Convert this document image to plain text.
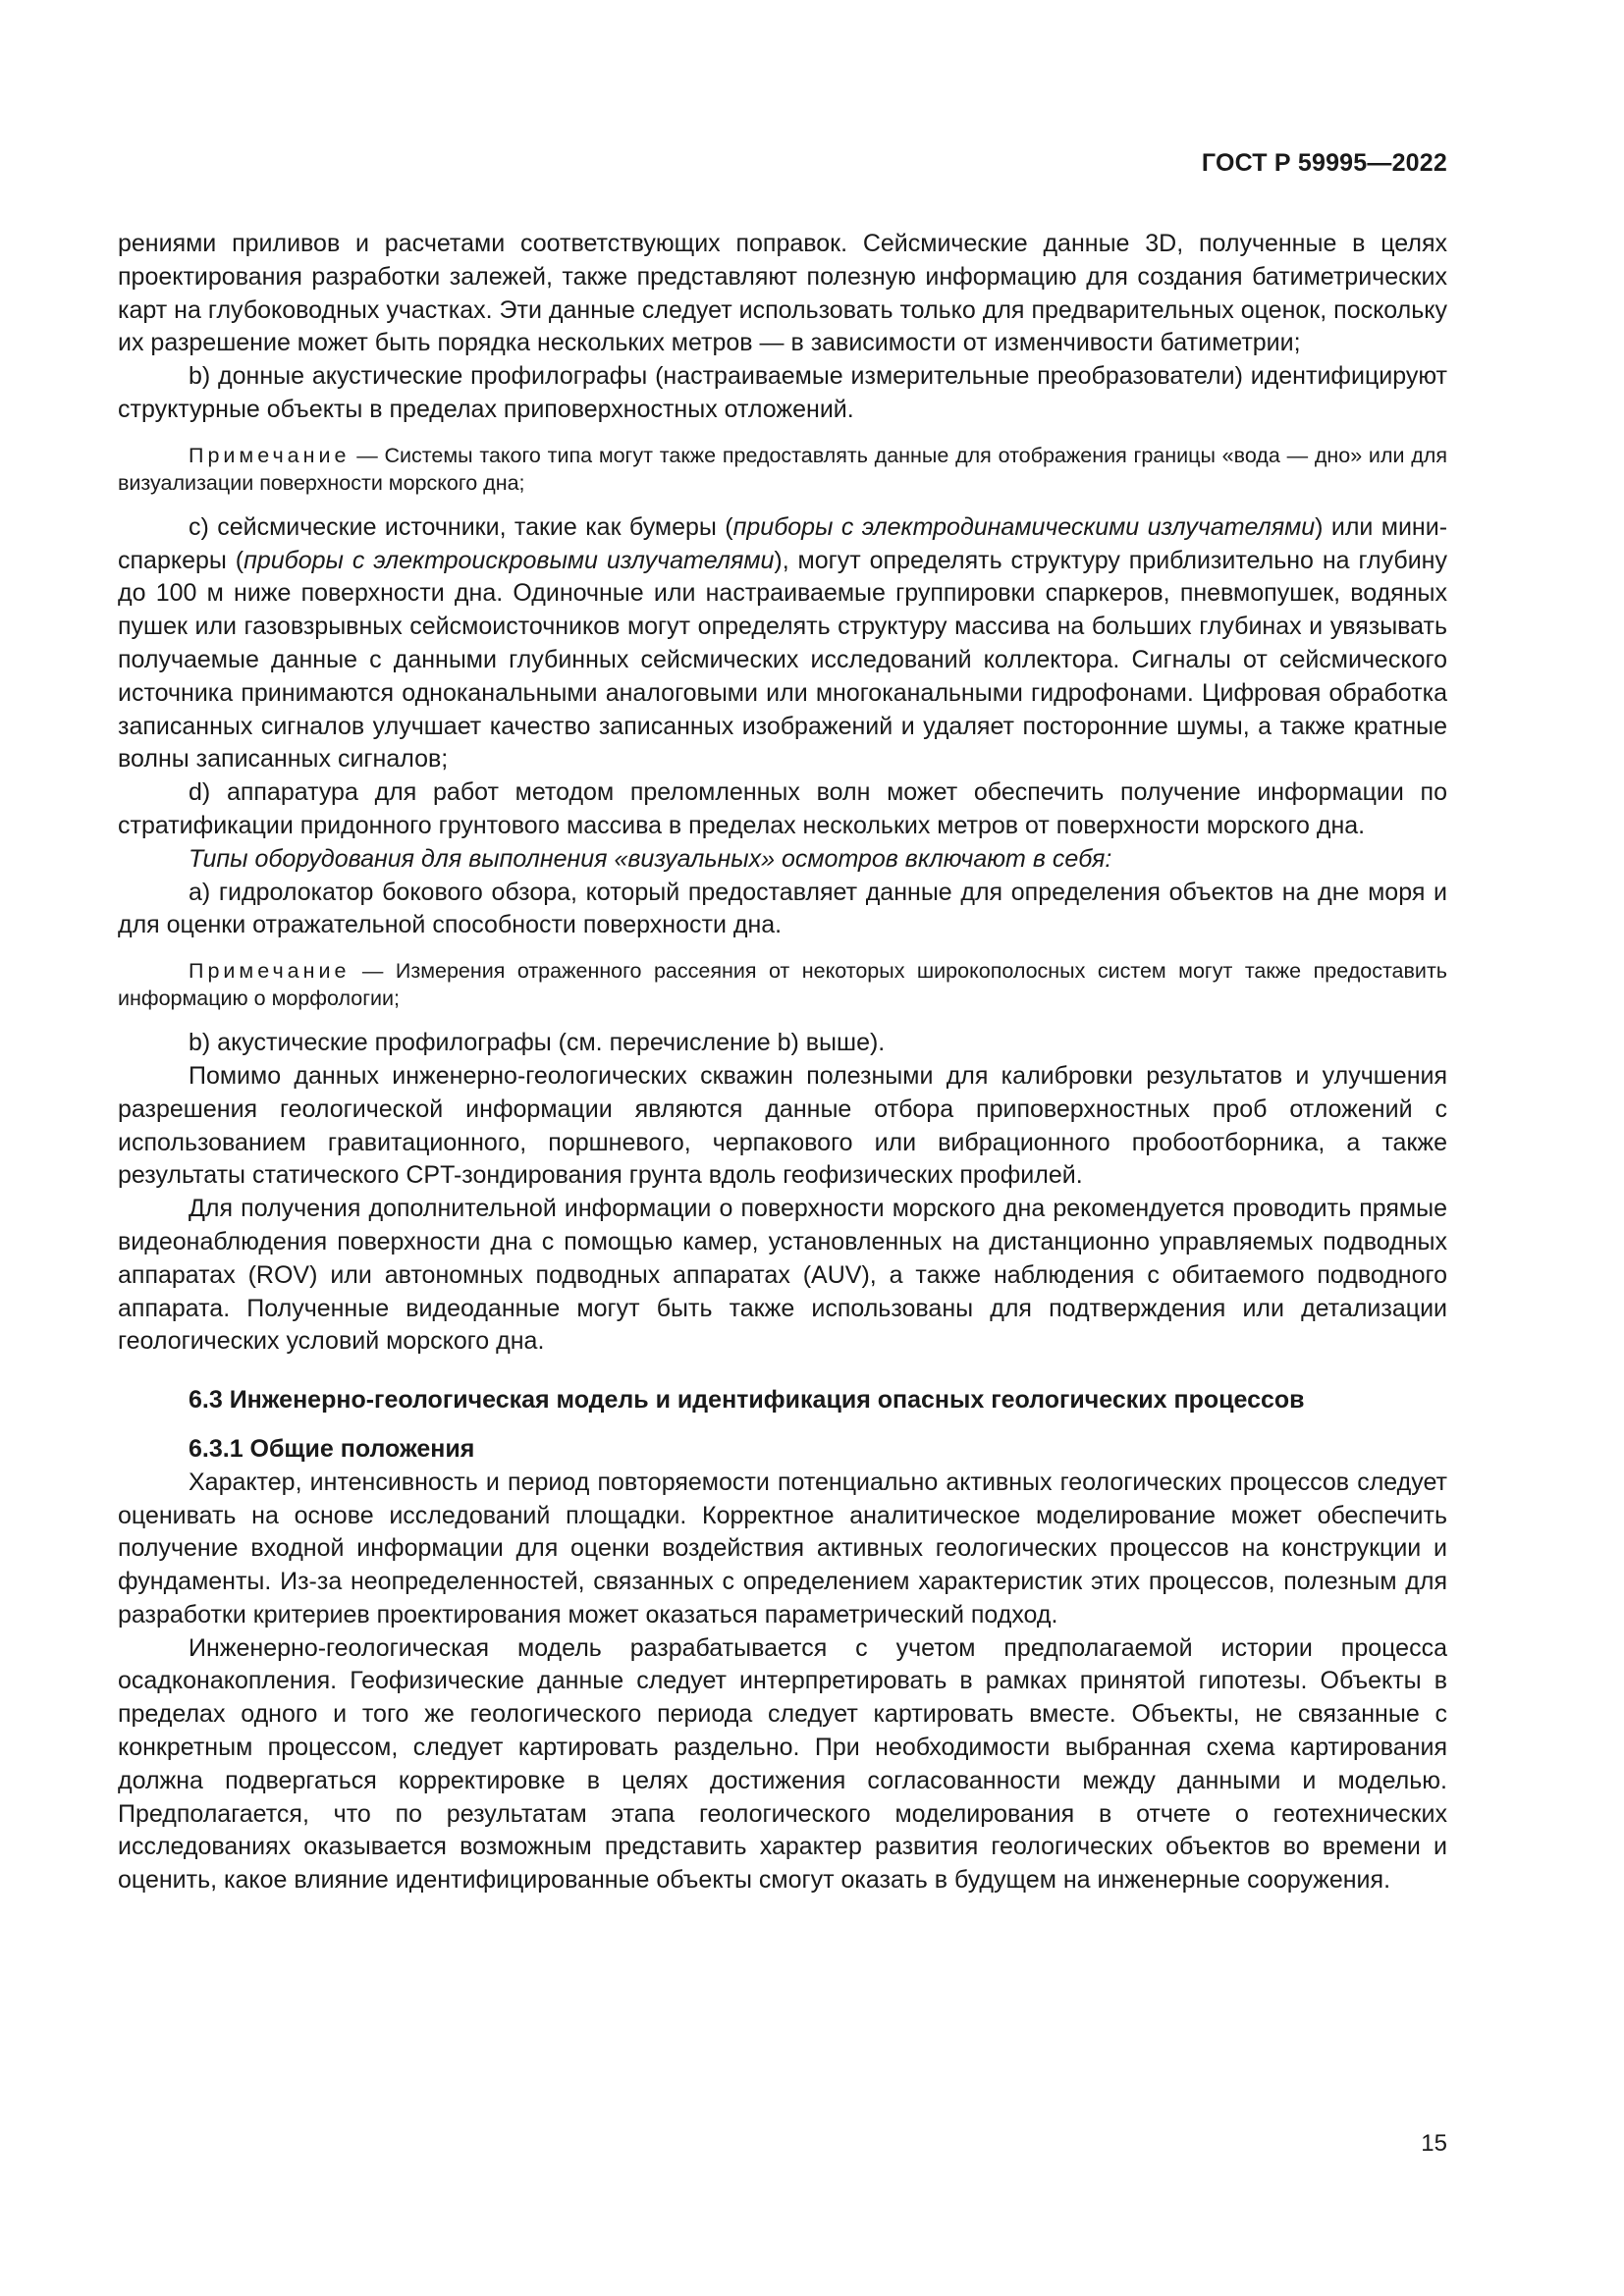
ГОСТ Р 59995—2022

рениями приливов и расчетами соответствующих поправок. Сейсмические данные 3D, полученные в целях проектирования разработки залежей, также представляют полезную информацию для создания батиметрических карт на глубоководных участках. Эти данные следует использовать только для предварительных оценок, поскольку их разрешение может быть порядка нескольких метров — в зависимости от изменчивости батиметрии;

b) донные акустические профилографы (настраиваемые измерительные преобразователи) идентифицируют структурные объекты в пределах приповерхностных отложений.

Примечание — Системы такого типа могут также предоставлять данные для отображения границы «вода — дно» или для визуализации поверхности морского дна;

c) сейсмические источники, такие как бумеры (приборы с электродинамическими излучателями) или мини-спаркеры (приборы с электроискровыми излучателями), могут определять структуру приблизительно на глубину до 100 м ниже поверхности дна. Одиночные или настраиваемые группировки спаркеров, пневмопушек, водяных пушек или газовзрывных сейсмоисточников могут определять структуру массива на больших глубинах и увязывать получаемые данные с данными глубинных сейсмических исследований коллектора. Сигналы от сейсмического источника принимаются одноканальными аналоговыми или многоканальными гидрофонами. Цифровая обработка записанных сигналов улучшает качество записанных изображений и удаляет посторонние шумы, а также кратные волны записанных сигналов;

d) аппаратура для работ методом преломленных волн может обеспечить получение информации по стратификации придонного грунтового массива в пределах нескольких метров от поверхности морского дна.

Типы оборудования для выполнения «визуальных» осмотров включают в себя:

а) гидролокатор бокового обзора, который предоставляет данные для определения объектов на дне моря и для оценки отражательной способности поверхности дна.

Примечание — Измерения отраженного рассеяния от некоторых широкополосных систем могут также предоставить информацию о морфологии;

b) акустические профилографы (см. перечисление b) выше).

Помимо данных инженерно-геологических скважин полезными для калибровки результатов и улучшения разрешения геологической информации являются данные отбора приповерхностных проб отложений с использованием гравитационного, поршневого, черпакового или вибрационного пробоотборника, а также результаты статического CPT-зондирования грунта вдоль геофизических профилей.

Для получения дополнительной информации о поверхности морского дна рекомендуется проводить прямые видеонаблюдения поверхности дна с помощью камер, установленных на дистанционно управляемых подводных аппаратах (ROV) или автономных подводных аппаратах (AUV), а также наблюдения с обитаемого подводного аппарата. Полученные видеоданные могут быть также использованы для подтверждения или детализации геологических условий морского дна.

6.3 Инженерно-геологическая модель и идентификация опасных геологических процессов

6.3.1 Общие положения

Характер, интенсивность и период повторяемости потенциально активных геологических процессов следует оценивать на основе исследований площадки. Корректное аналитическое моделирование может обеспечить получение входной информации для оценки воздействия активных геологических процессов на конструкции и фундаменты. Из-за неопределенностей, связанных с определением характеристик этих процессов, полезным для разработки критериев проектирования может оказаться параметрический подход.

Инженерно-геологическая модель разрабатывается с учетом предполагаемой истории процесса осадконакопления. Геофизические данные следует интерпретировать в рамках принятой гипотезы. Объекты в пределах одного и того же геологического периода следует картировать вместе. Объекты, не связанные с конкретным процессом, следует картировать раздельно. При необходимости выбранная схема картирования должна подвергаться корректировке в целях достижения согласованности между данными и моделью. Предполагается, что по результатам этапа геологического моделирования в отчете о геотехнических исследованиях оказывается возможным представить характер развития геологических объектов во времени и оценить, какое влияние идентифицированные объекты смогут оказать в будущем на инженерные сооружения.

15
